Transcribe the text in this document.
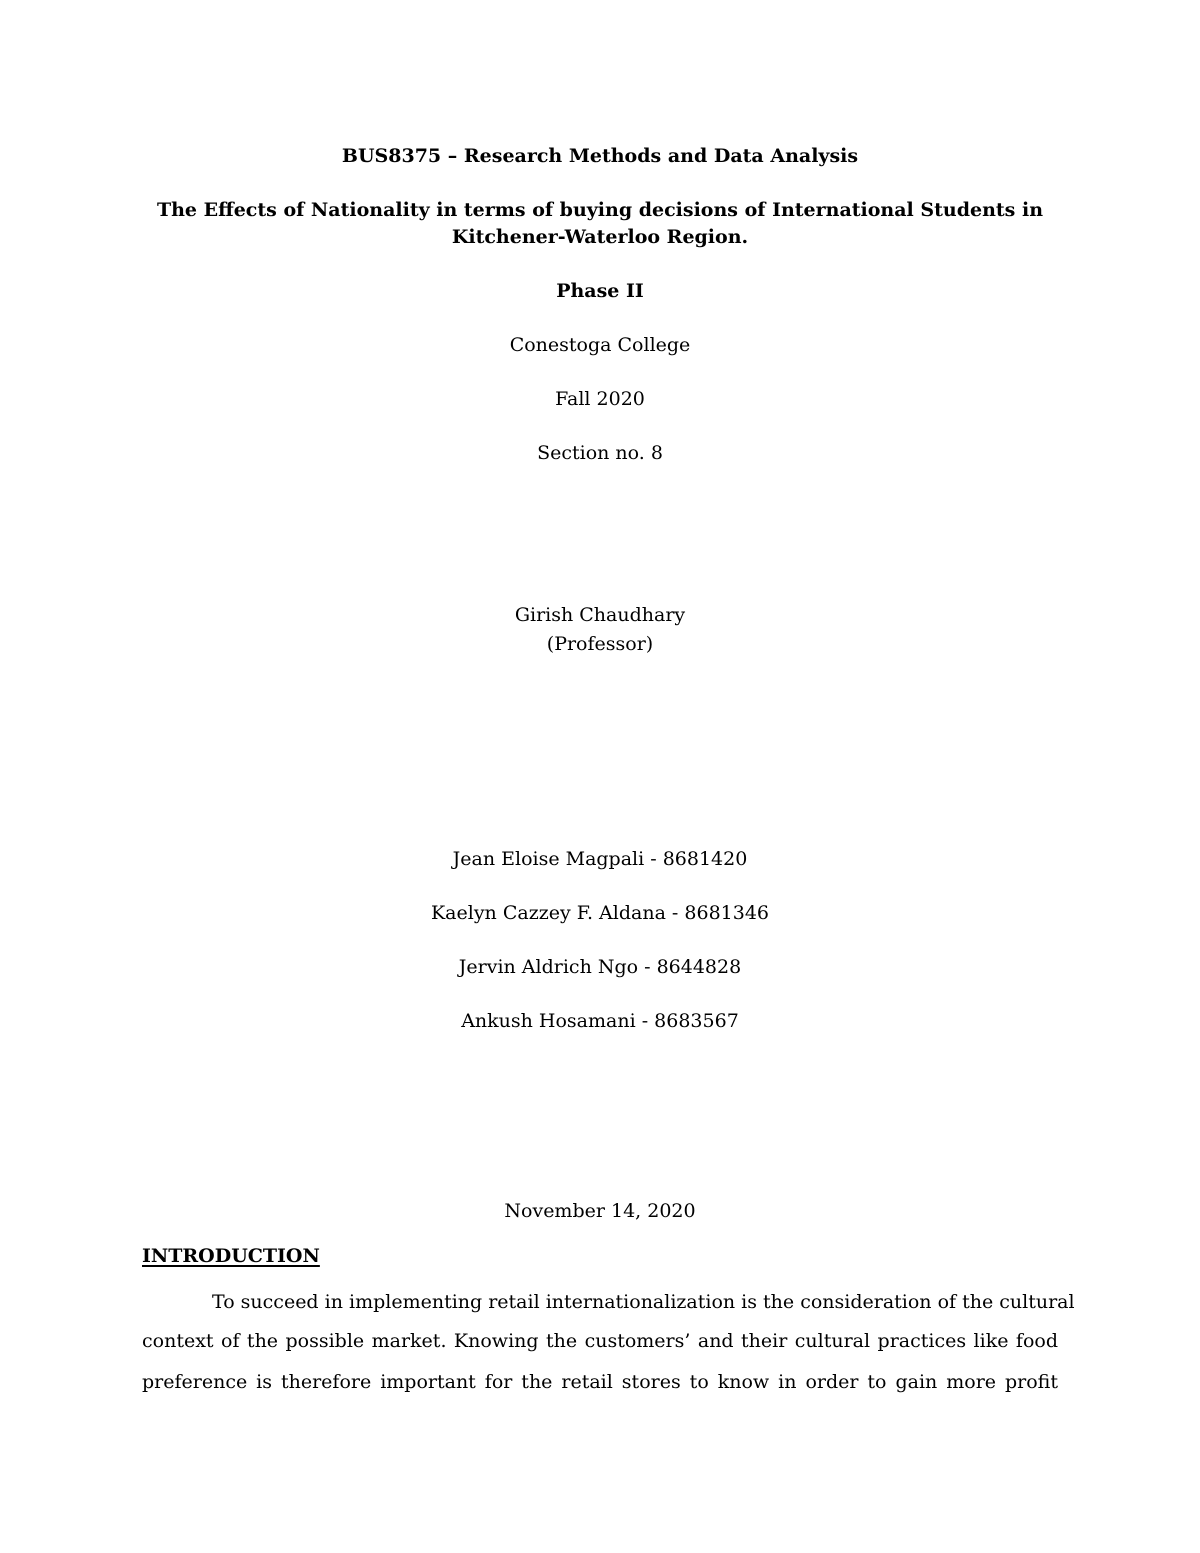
BUS8375 – Research Methods and Data Analysis
The Effects of Nationality in terms of buying decisions of International Students in
Kitchener-Waterloo Region.
Phase II
Conestoga College
Fall 2020
Section no. 8
Girish Chaudhary
(Professor)
Jean Eloise Magpali - 8681420
Kaelyn Cazzey F. Aldana - 8681346
Jervin Aldrich Ngo - 8644828
Ankush Hosamani - 8683567
November 14, 2020
INTRODUCTION
To succeed in implementing retail internationalization is the consideration of the cultural
context of the possible market. Knowing the customers’ and their cultural practices like food
preference is therefore important for the retail stores to know in order to gain more profit
